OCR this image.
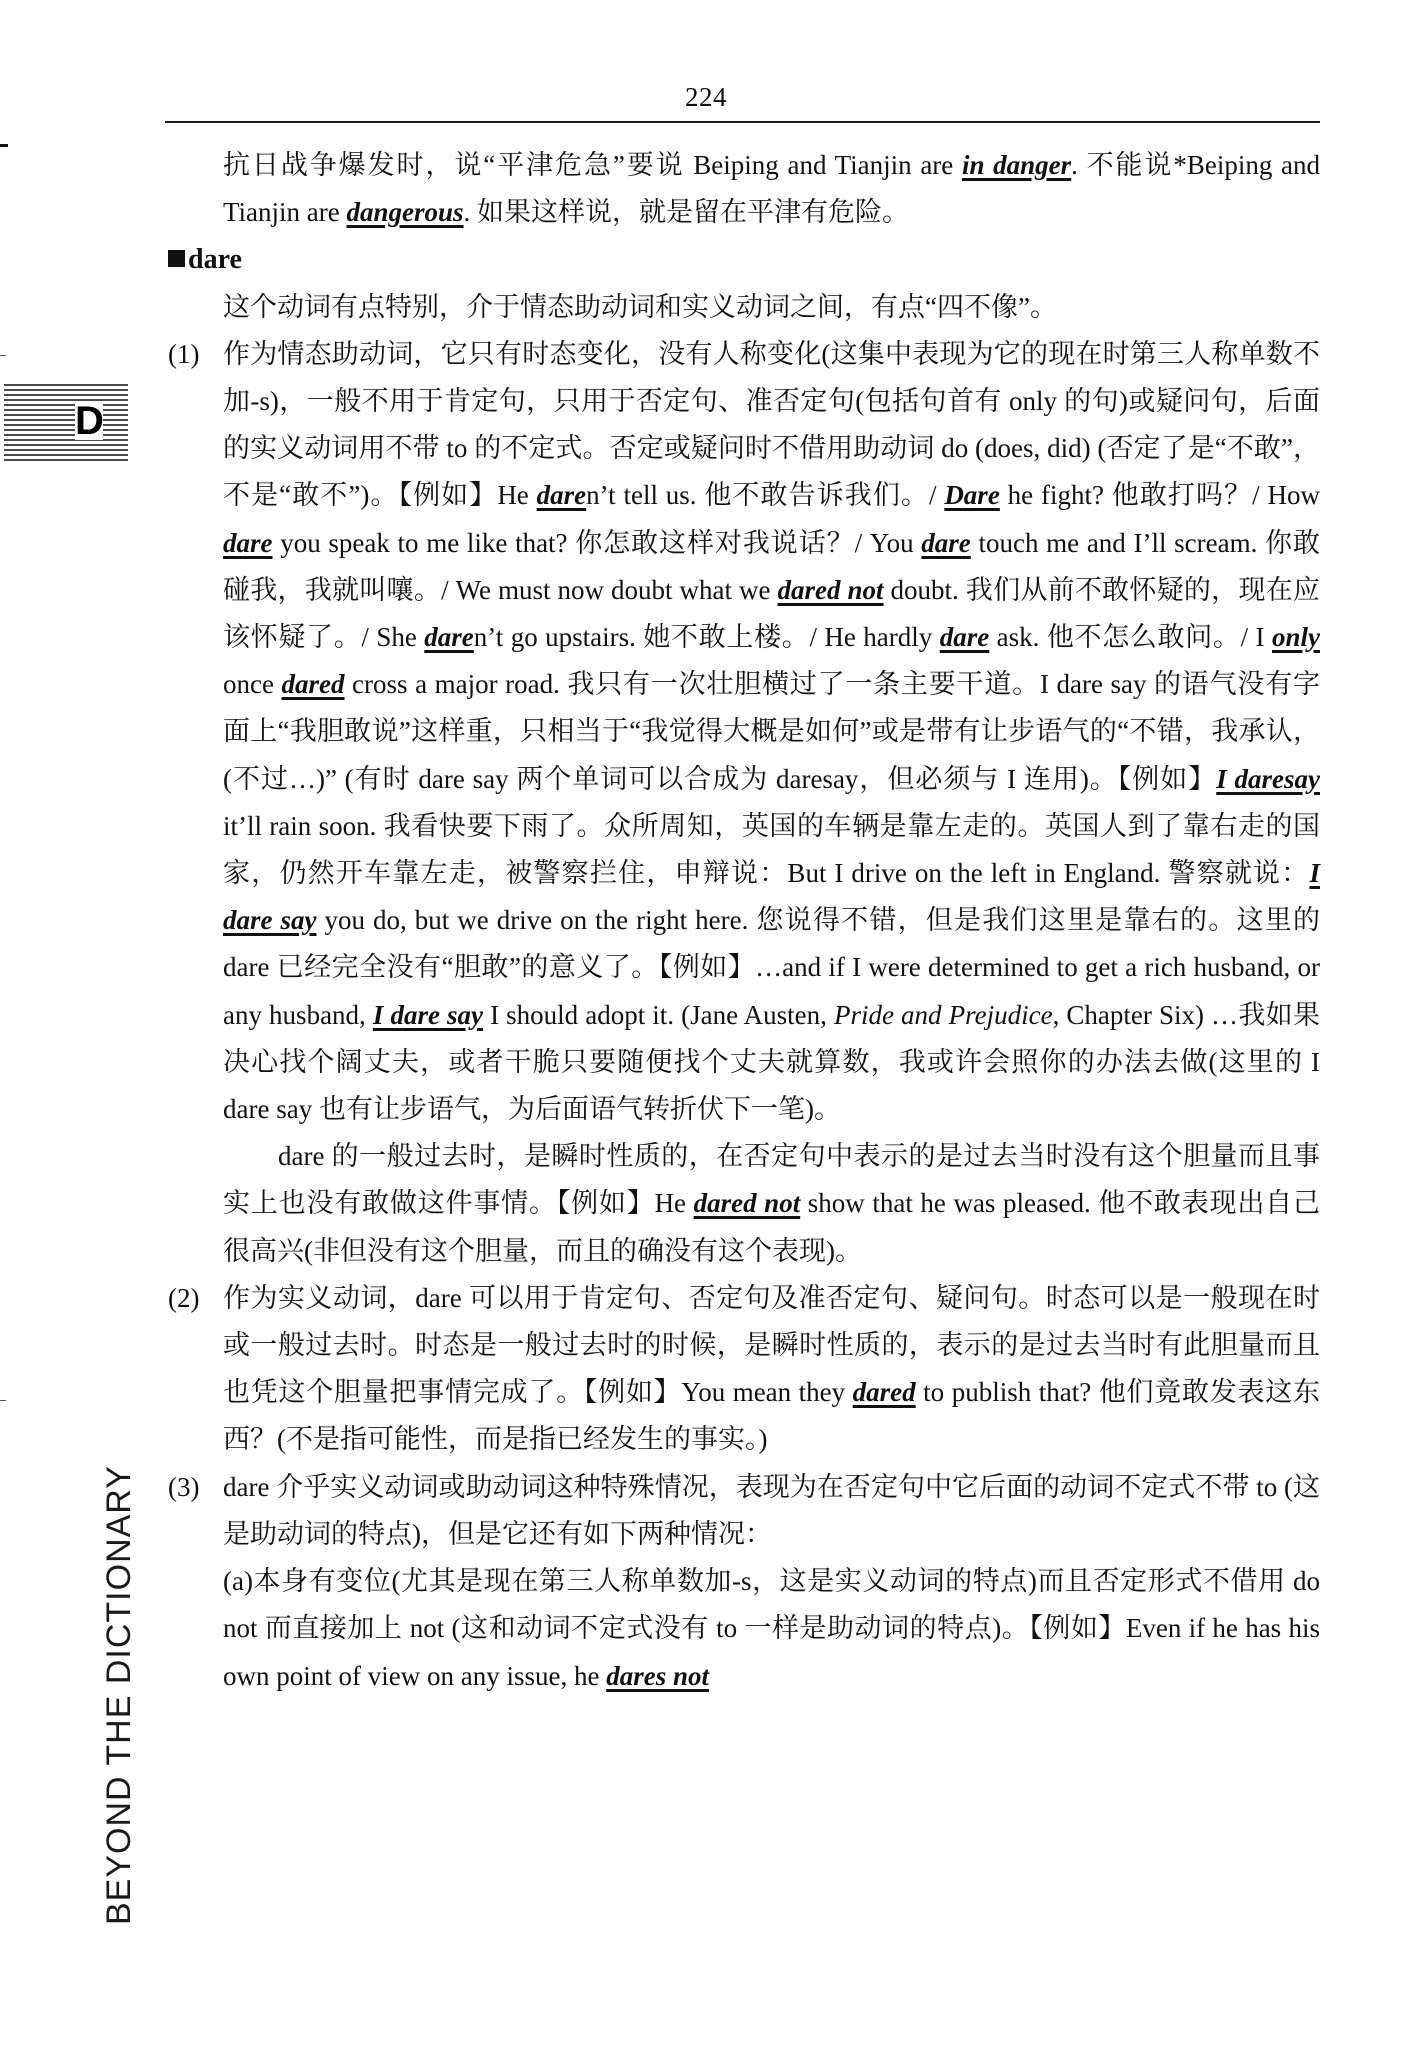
224
D
BEYOND THE DICTIONARY

抗日战争爆发时，说“平津危急”要说 Beiping and Tianjin are in danger. 不能说*Beiping and Tianjin are dangerous. 如果这样说，就是留在平津有危险。

dare

这个动词有点特别，介于情态助动词和实义动词之间，有点“四不像”。

(1) 作为情态助动词，它只有时态变化，没有人称变化(这集中表现为它的现在时第三人称单数不加-s)，一般不用于肯定句，只用于否定句、准否定句(包括句首有 only 的句)或疑问句，后面的实义动词用不带 to 的不定式。否定或疑问时不借用助动词 do (does, did) (否定了是“不敢”，不是“敢不”)。【例如】He daren’t tell us. 他不敢告诉我们。/ Dare he fight? 他敢打吗？/ How dare you speak to me like that? 你怎敢这样对我说话？/ You dare touch me and I’ll scream. 你敢碰我，我就叫嚷。/ We must now doubt what we dared not doubt. 我们从前不敢怀疑的，现在应该怀疑了。/ She daren’t go upstairs. 她不敢上楼。/ He hardly dare ask. 他不怎么敢问。/ I only once dared cross a major road. 我只有一次壮胆横过了一条主要干道。I dare say 的语气没有字面上“我胆敢说”这样重，只相当于“我觉得大概是如何”或是带有让步语气的“不错，我承认，(不过…)” (有时 dare say 两个单词可以合成为 daresay，但必须与 I 连用)。【例如】I daresay it’ll rain soon. 我看快要下雨了。众所周知，英国的车辆是靠左走的。英国人到了靠右走的国家，仍然开车靠左走，被警察拦住，申辩说：But I drive on the left in England. 警察就说：I dare say you do, but we drive on the right here. 您说得不错，但是我们这里是靠右的。这里的 dare 已经完全没有“胆敢”的意义了。【例如】…and if I were determined to get a rich husband, or any husband, I dare say I should adopt it. (Jane Austen, Pride and Prejudice, Chapter Six) …我如果决心找个阔丈夫，或者干脆只要随便找个丈夫就算数，我或许会照你的办法去做(这里的 I dare say 也有让步语气，为后面语气转折伏下一笔)。

dare 的一般过去时，是瞬时性质的，在否定句中表示的是过去当时没有这个胆量而且事实上也没有敢做这件事情。【例如】He dared not show that he was pleased. 他不敢表现出自己很高兴(非但没有这个胆量，而且的确没有这个表现)。

(2) 作为实义动词，dare 可以用于肯定句、否定句及准否定句、疑问句。时态可以是一般现在时或一般过去时。时态是一般过去时的时候，是瞬时性质的，表示的是过去当时有此胆量而且也凭这个胆量把事情完成了。【例如】You mean they dared to publish that? 他们竟敢发表这东西？(不是指可能性，而是指已经发生的事实。)
(3) dare 介乎实义动词或助动词这种特殊情况，表现为在否定句中它后面的动词不定式不带 to (这是助动词的特点)，但是它还有如下两种情况：

(a)本身有变位(尤其是现在第三人称单数加-s，这是实义动词的特点)而且否定形式不借用 do not 而直接加上 not (这和动词不定式没有 to 一样是助动词的特点)。【例如】Even if he has his own point of view on any issue, he dares not
